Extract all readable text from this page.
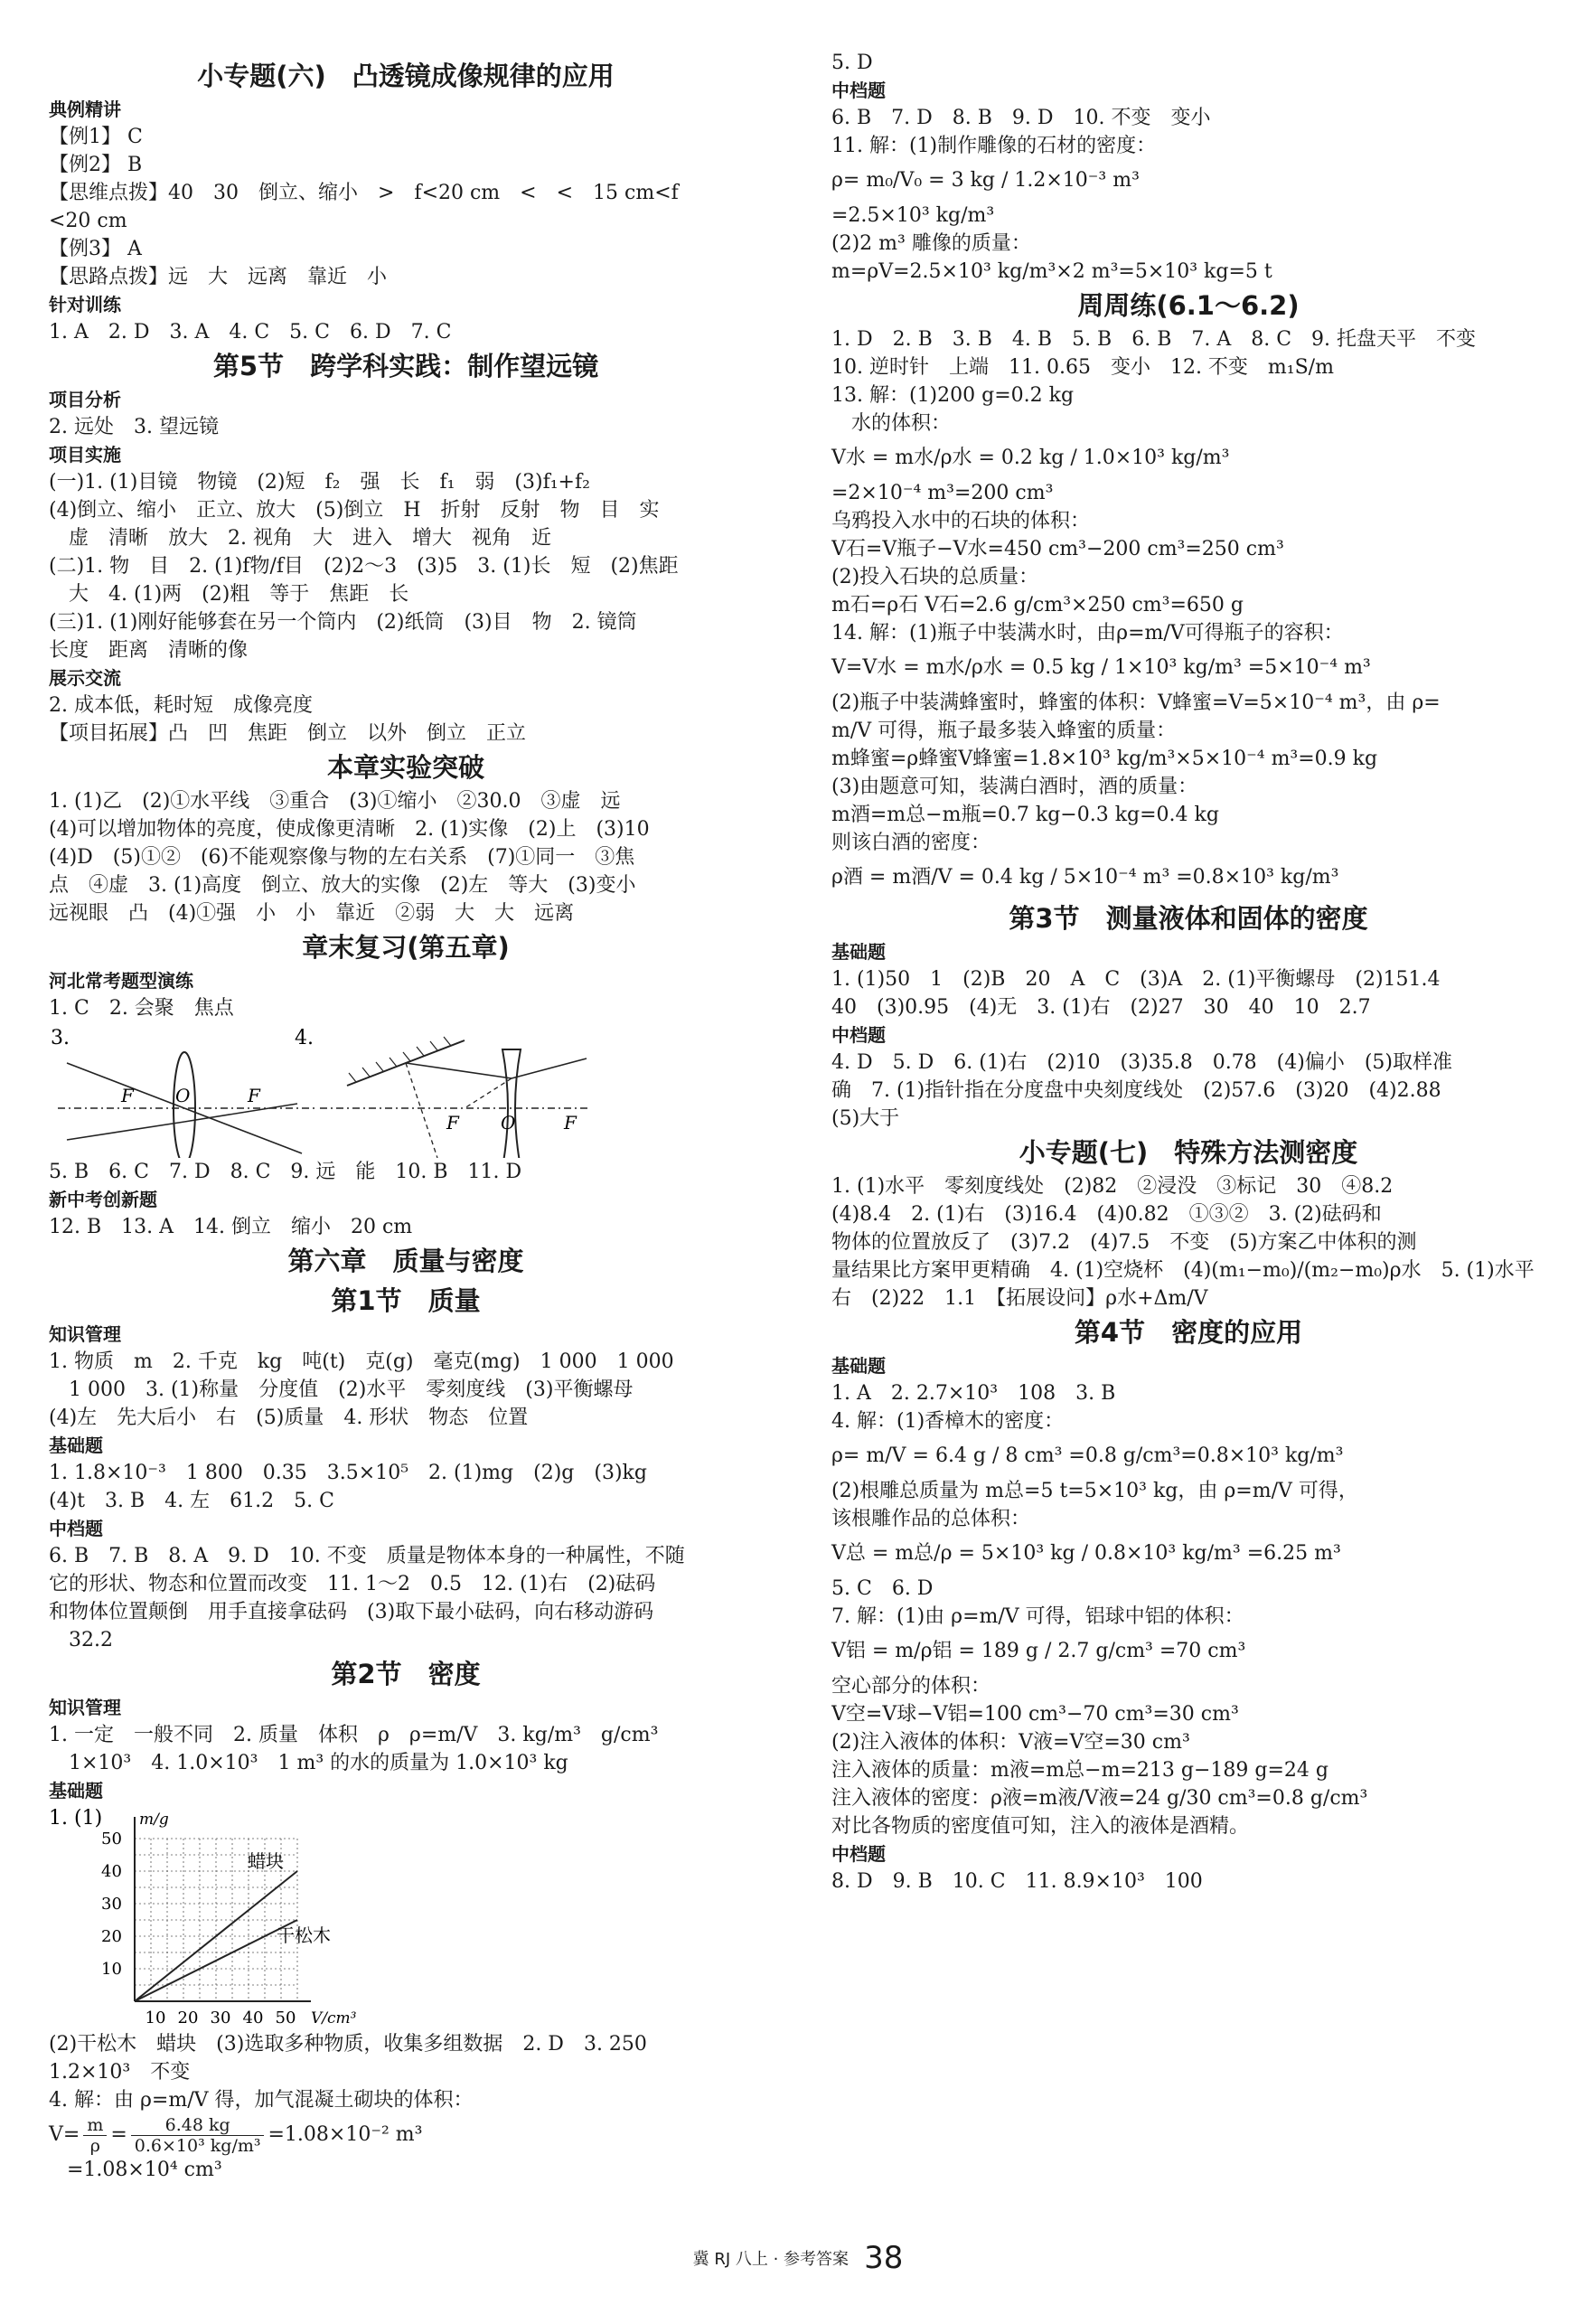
小专题(六)　凸透镜成像规律的应用
典例精讲
【例1】 C
【例2】 B
【思维点拨】40　30　倒立、缩小　>　f<20 cm　<　<　15 cm<f
<20 cm
【例3】 A
【思路点拨】远　大　远离　靠近　小
针对训练
1. A　2. D　3. A　4. C　5. C　6. D　7. C
第5节　跨学科实践：制作望远镜
项目分析
2. 远处　3. 望远镜
项目实施
(一)1. (1)目镜　物镜　(2)短　f₂　强　长　f₁　弱　(3)f₁+f₂
(4)倒立、缩小　正立、放大　(5)倒立　H　折射　反射　物　目　实
　虚　清晰　放大　2. 视角　大　进入　增大　视角　近
(二)1. 物　目　2. (1)f物/f目　(2)2～3　(3)5　3. (1)长　短　(2)焦距
　大　4. (1)两　(2)粗　等于　焦距　长
(三)1. (1)刚好能够套在另一个筒内　(2)纸筒　(3)目　物　2. 镜筒
长度　距离　清晰的像
展示交流
2. 成本低，耗时短　成像亮度
【项目拓展】凸　凹　焦距　倒立　以外　倒立　正立
本章实验突破
1. (1)乙　(2)①水平线　③重合　(3)①缩小　②30.0　③虚　远
(4)可以增加物体的亮度，使成像更清晰　2. (1)实像　(2)上　(3)10
(4)D　(5)①②　(6)不能观察像与物的左右关系　(7)①同一　③焦
点　④虚　3. (1)高度　倒立、放大的实像　(2)左　等大　(3)变小
远视眼　凸　(4)①强　小　小　靠近　②弱　大　大　远离
章末复习(第五章)
河北常考题型演练
1. C　2. 会聚　焦点
3.
F O	F
4.
F O	F
5. B　6. C　7. D　8. C　9. 远　能　10. B　11. D
新中考创新题
12. B　13. A　14. 倒立　缩小　20 cm
第六章　质量与密度
第1节　质量
知识管理
1. 物质　m　2. 千克　kg　吨(t)　克(g)　毫克(mg)　1 000　1 000
　1 000　3. (1)称量　分度值　(2)水平　零刻度线　(3)平衡螺母
(4)左　先大后小　右　(5)质量　4. 形状　物态　位置
基础题
1. 1.8×10⁻³　1 800　0.35　3.5×10⁵　2. (1)mg　(2)g　(3)kg
(4)t　3. B　4. 左　61.2　5. C
中档题
6. B　7. B　8. A　9. D　10. 不变　质量是物体本身的一种属性，不随
它的形状、物态和位置而改变　11. 1～2　0.5　12. (1)右　(2)砝码
和物体位置颠倒　用手直接拿砝码　(3)取下最小砝码，向右移动游码
　32.2
第2节　密度
知识管理
1. 一定　一般不同　2. 质量　体积　ρ　ρ=m/V　3. kg/m³　g/cm³
　1×10³　4. 1.0×10³　1 m³ 的水的质量为 1.0×10³ kg
基础题
1. (1) m/g
V/cm³
50
40
30
20
10
10 20 30 40 50
蜡块
干松木
(2)干松木　蜡块　(3)选取多种物质，收集多组数据　2. D　3. 250
1.2×10³　不变
4. 解：由 ρ=m/V 得，加气混凝土砌块的体积：
$V= \frac{m}{\rho} = \frac{6.48 kg}{\text{0.6×10³ kg/m³}} =1.08\times 10^{-2}$ m³
=1.08×10⁴ cm³
5. D
中档题
6. B　7. D　8. B　9. D　10. 不变　变小
11. 解：(1)制作雕像的石材的密度：
ρ= m₀/V₀ = 3 kg / 1.2×10⁻³ m³
=2.5×10³ kg/m³
(2)2 m³ 雕像的质量：
m=ρV=2.5×10³ kg/m³×2 m³=5×10³ kg=5 t
周周练(6.1～6.2)
1. D　2. B　3. B　4. B　5. B　6. B　7. A　8. C　9. 托盘天平　不变
10. 逆时针　上端　11. 0.65　变小　12. 不变　m₁S/m
13. 解：(1)200 g=0.2 kg
　水的体积：
V水 = m水/ρ水 = 0.2 kg / 1.0×10³ kg/m³
=2×10⁻⁴ m³=200 cm³
乌鸦投入水中的石块的体积：
V石=V瓶子−V水=450 cm³−200 cm³=250 cm³
(2)投入石块的总质量：
m石=ρ石 V石=2.6 g/cm³×250 cm³=650 g
14. 解：(1)瓶子中装满水时，由ρ=m/V可得瓶子的容积：
V=V水 = m水/ρ水 = 0.5 kg / 1×10³ kg/m³ =5×10⁻⁴ m³
(2)瓶子中装满蜂蜜时，蜂蜜的体积：V蜂蜜=V=5×10⁻⁴ m³，由 ρ=
m/V 可得，瓶子最多装入蜂蜜的质量：
m蜂蜜=ρ蜂蜜V蜂蜜=1.8×10³ kg/m³×5×10⁻⁴ m³=0.9 kg
(3)由题意可知，装满白酒时，酒的质量：
m酒=m总−m瓶=0.7 kg−0.3 kg=0.4 kg
则该白酒的密度：
ρ酒 = m酒/V = 0.4 kg / 5×10⁻⁴ m³ =0.8×10³ kg/m³
第3节　测量液体和固体的密度
基础题
1. (1)50　1　(2)B　20　A　C　(3)A　2. (1)平衡螺母　(2)151.4
40　(3)0.95　(4)无　3. (1)右　(2)27　30　40　10　2.7
中档题
4. D　5. D　6. (1)右　(2)10　(3)35.8　0.78　(4)偏小　(5)取样准
确　7. (1)指针指在分度盘中央刻度线处　(2)57.6　(3)20　(4)2.88
(5)大于
小专题(七)　特殊方法测密度
1. (1)水平　零刻度线处　(2)82　②浸没　③标记　30　④8.2
(4)8.4　2. (1)右　(3)16.4　(4)0.82　①③②　3. (2)砝码和
物体的位置放反了　(3)7.2　(4)7.5　不变　(5)方案乙中体积的测
量结果比方案甲更精确　4. (1)空烧杯　(4)(m₁−m₀)/(m₂−m₀)ρ水　5. (1)水平
右　(2)22　1.1　【拓展设问】ρ水+Δm/V
第4节　密度的应用
基础题
1. A　2. 2.7×10³　108　3. B
4. 解：(1)香樟木的密度：
ρ= m/V = 6.4 g / 8 cm³ =0.8 g/cm³=0.8×10³ kg/m³
(2)根雕总质量为 m总=5 t=5×10³ kg，由 ρ=m/V 可得，
该根雕作品的总体积：
V总 = m总/ρ = 5×10³ kg / 0.8×10³ kg/m³ =6.25 m³
5. C　6. D
7. 解：(1)由 ρ=m/V 可得，铝球中铝的体积：
V铝 = m/ρ铝 = 189 g / 2.7 g/cm³ =70 cm³
空心部分的体积：
V空=V球−V铝=100 cm³−70 cm³=30 cm³
(2)注入液体的体积：V液=V空=30 cm³
注入液体的质量：m液=m总−m=213 g−189 g=24 g
注入液体的密度：ρ液=m液/V液=24 g/30 cm³=0.8 g/cm³
对比各物质的密度值可知，注入的液体是酒精。
中档题
8. D　9. B　10. C　11. 8.9×10³　100
冀 RJ 八上 · 参考答案 38
